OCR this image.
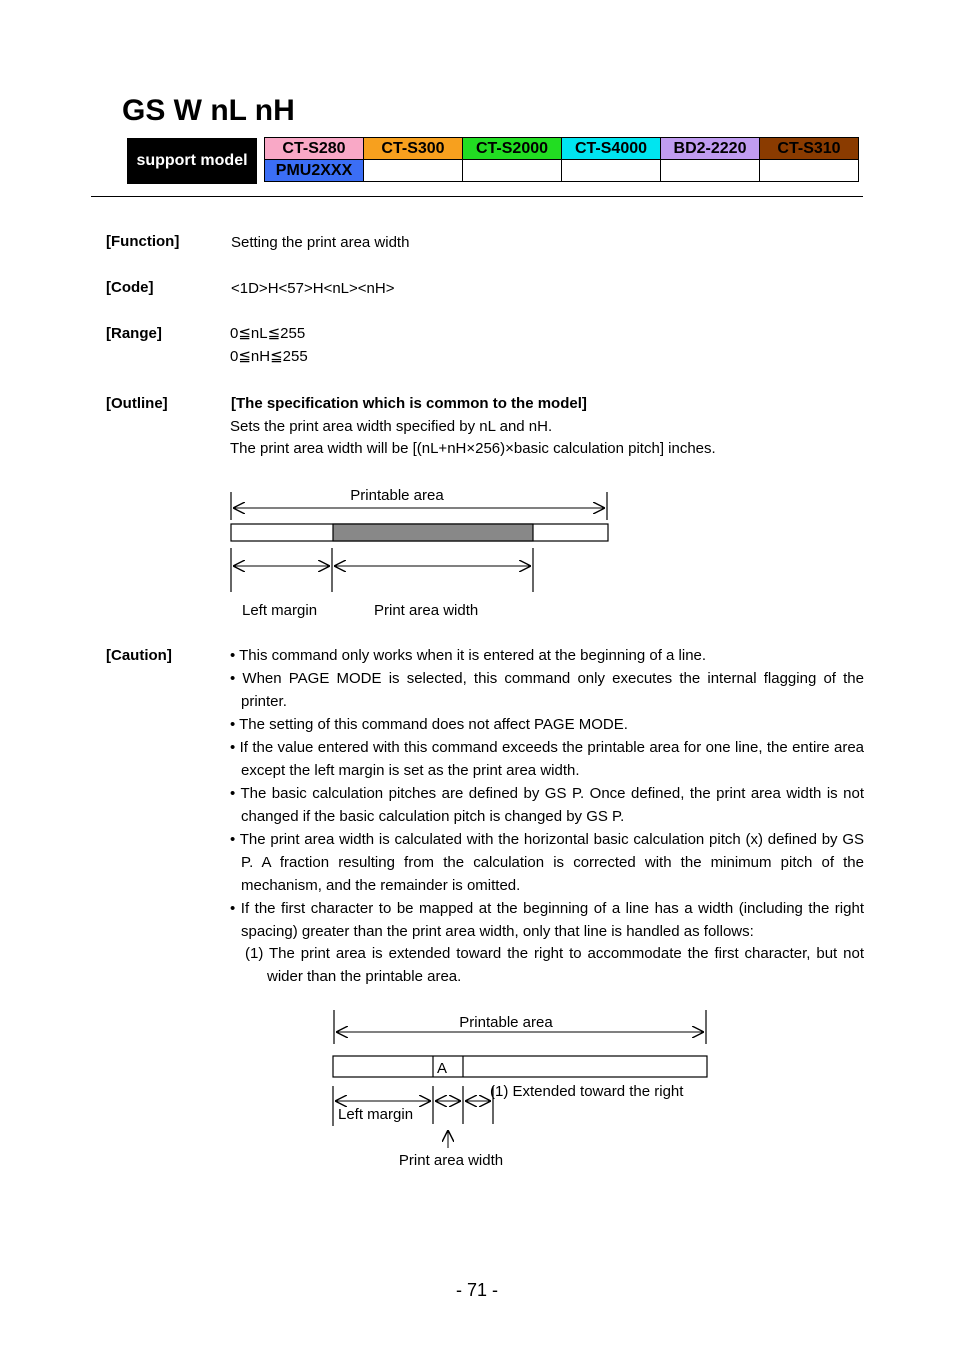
GS W nL nH
support model
CT-S280	CT-S300	CT-S2000	CT-S4000	BD2-2220	CT-S310
PMU2XXX					
[Function]	Setting the print area width
[Code]	<1D>H<57>H<nL><nH>
[Range]	0≦nL≦255
0≦nH≦255
[Outline]	[The specification which is common to the model]
Sets the print area width specified by nL and nH.
The print area width will be [(nL+nH×256)×basic calculation pitch] inches.
Printable area
Left margin	Print area width
Printable area
A
(1) Extended toward the right
Left margin
Print area width
[Caution]	• This command only works when it is entered at the beginning of a line.

• When PAGE MODE is selected, this command only executes the internal flagging of the printer.

• The setting of this command does not affect PAGE MODE.

• If the value entered with this command exceeds the printable area for one line, the entire area except the left margin is set as the print area width.

• The basic calculation pitches are defined by GS P. Once defined, the print area width is not changed if the basic calculation pitch is changed by GS P.

• The print area width is calculated with the horizontal basic calculation pitch (x) defined by GS P. A fraction resulting from the calculation is corrected with the minimum pitch of the mechanism, and the remainder is omitted.

• If the first character to be mapped at the beginning of a line has a width (including the right spacing) greater than the print area width, only that line is handled as follows:

(1) The print area is extended toward the right to accommodate the first character, but not wider than the printable area.

- 71 -
